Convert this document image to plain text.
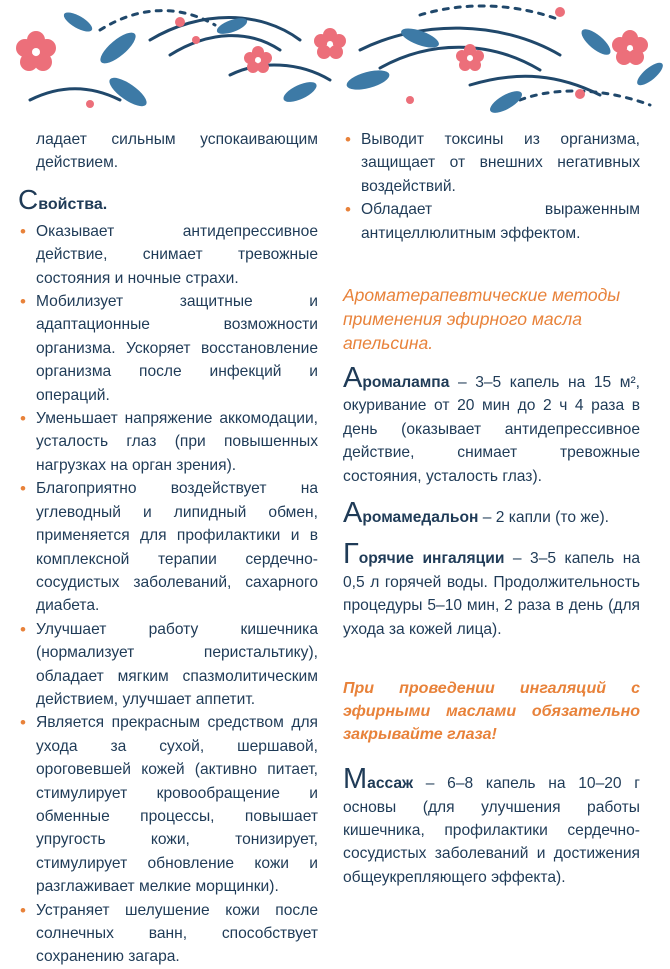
ладает сильным успокаивающим действием.

Свойства.
• Оказывает антидепрессивное действие, снимает тревожные состояния и ночные страхи.
• Мобилизует защитные и адаптационные возможности организма. Ускоряет восстановление организма после инфекций и операций.
• Уменьшает напряжение аккомодации, усталость глаз (при повышенных нагрузках на орган зрения).
• Благоприятно воздействует на углеводный и липидный обмен, применяется для профилактики и в комплексной терапии сердечно-сосудистых заболеваний, сахарного диабета.
• Улучшает работу кишечника (нормализует перистальтику), обладает мягким спазмолитическим действием, улучшает аппетит.
• Является прекрасным средством для ухода за сухой, шершавой, ороговевшей кожей (активно питает, стимулирует кровообращение и обменные процессы, повышает упругость кожи, тонизирует, стимулирует обновление кожи и разглаживает мелкие морщинки).
• Устраняет шелушение кожи после солнечных ванн, способствует сохранению загара.
• Выводит токсины из организма, защищает от внешних негативных воздействий.
• Обладает выраженным антицеллюлитным эффектом.
Ароматерапевтические методы применения эфирного масла апельсина.

Аромалампа – 3–5 капель на 15 м², окуривание от 20 мин до 2 ч 4 раза в день (оказывает антидепрессивное действие, снимает тревожные состояния, усталость глаз).

Аромамедальон – 2 капли (то же).

Горячие ингаляции – 3–5 капель на 0,5 л горячей воды. Продолжительность процедуры 5–10 мин, 2 раза в день (для ухода за кожей лица).

При проведении ингаляций с эфирными маслами обязательно закрывайте глаза!

Массаж – 6–8 капель на 10–20 г основы (для улучшения работы кишечника, профилактики сердечно-сосудистых заболеваний и достижения общеукрепляющего эффекта).
